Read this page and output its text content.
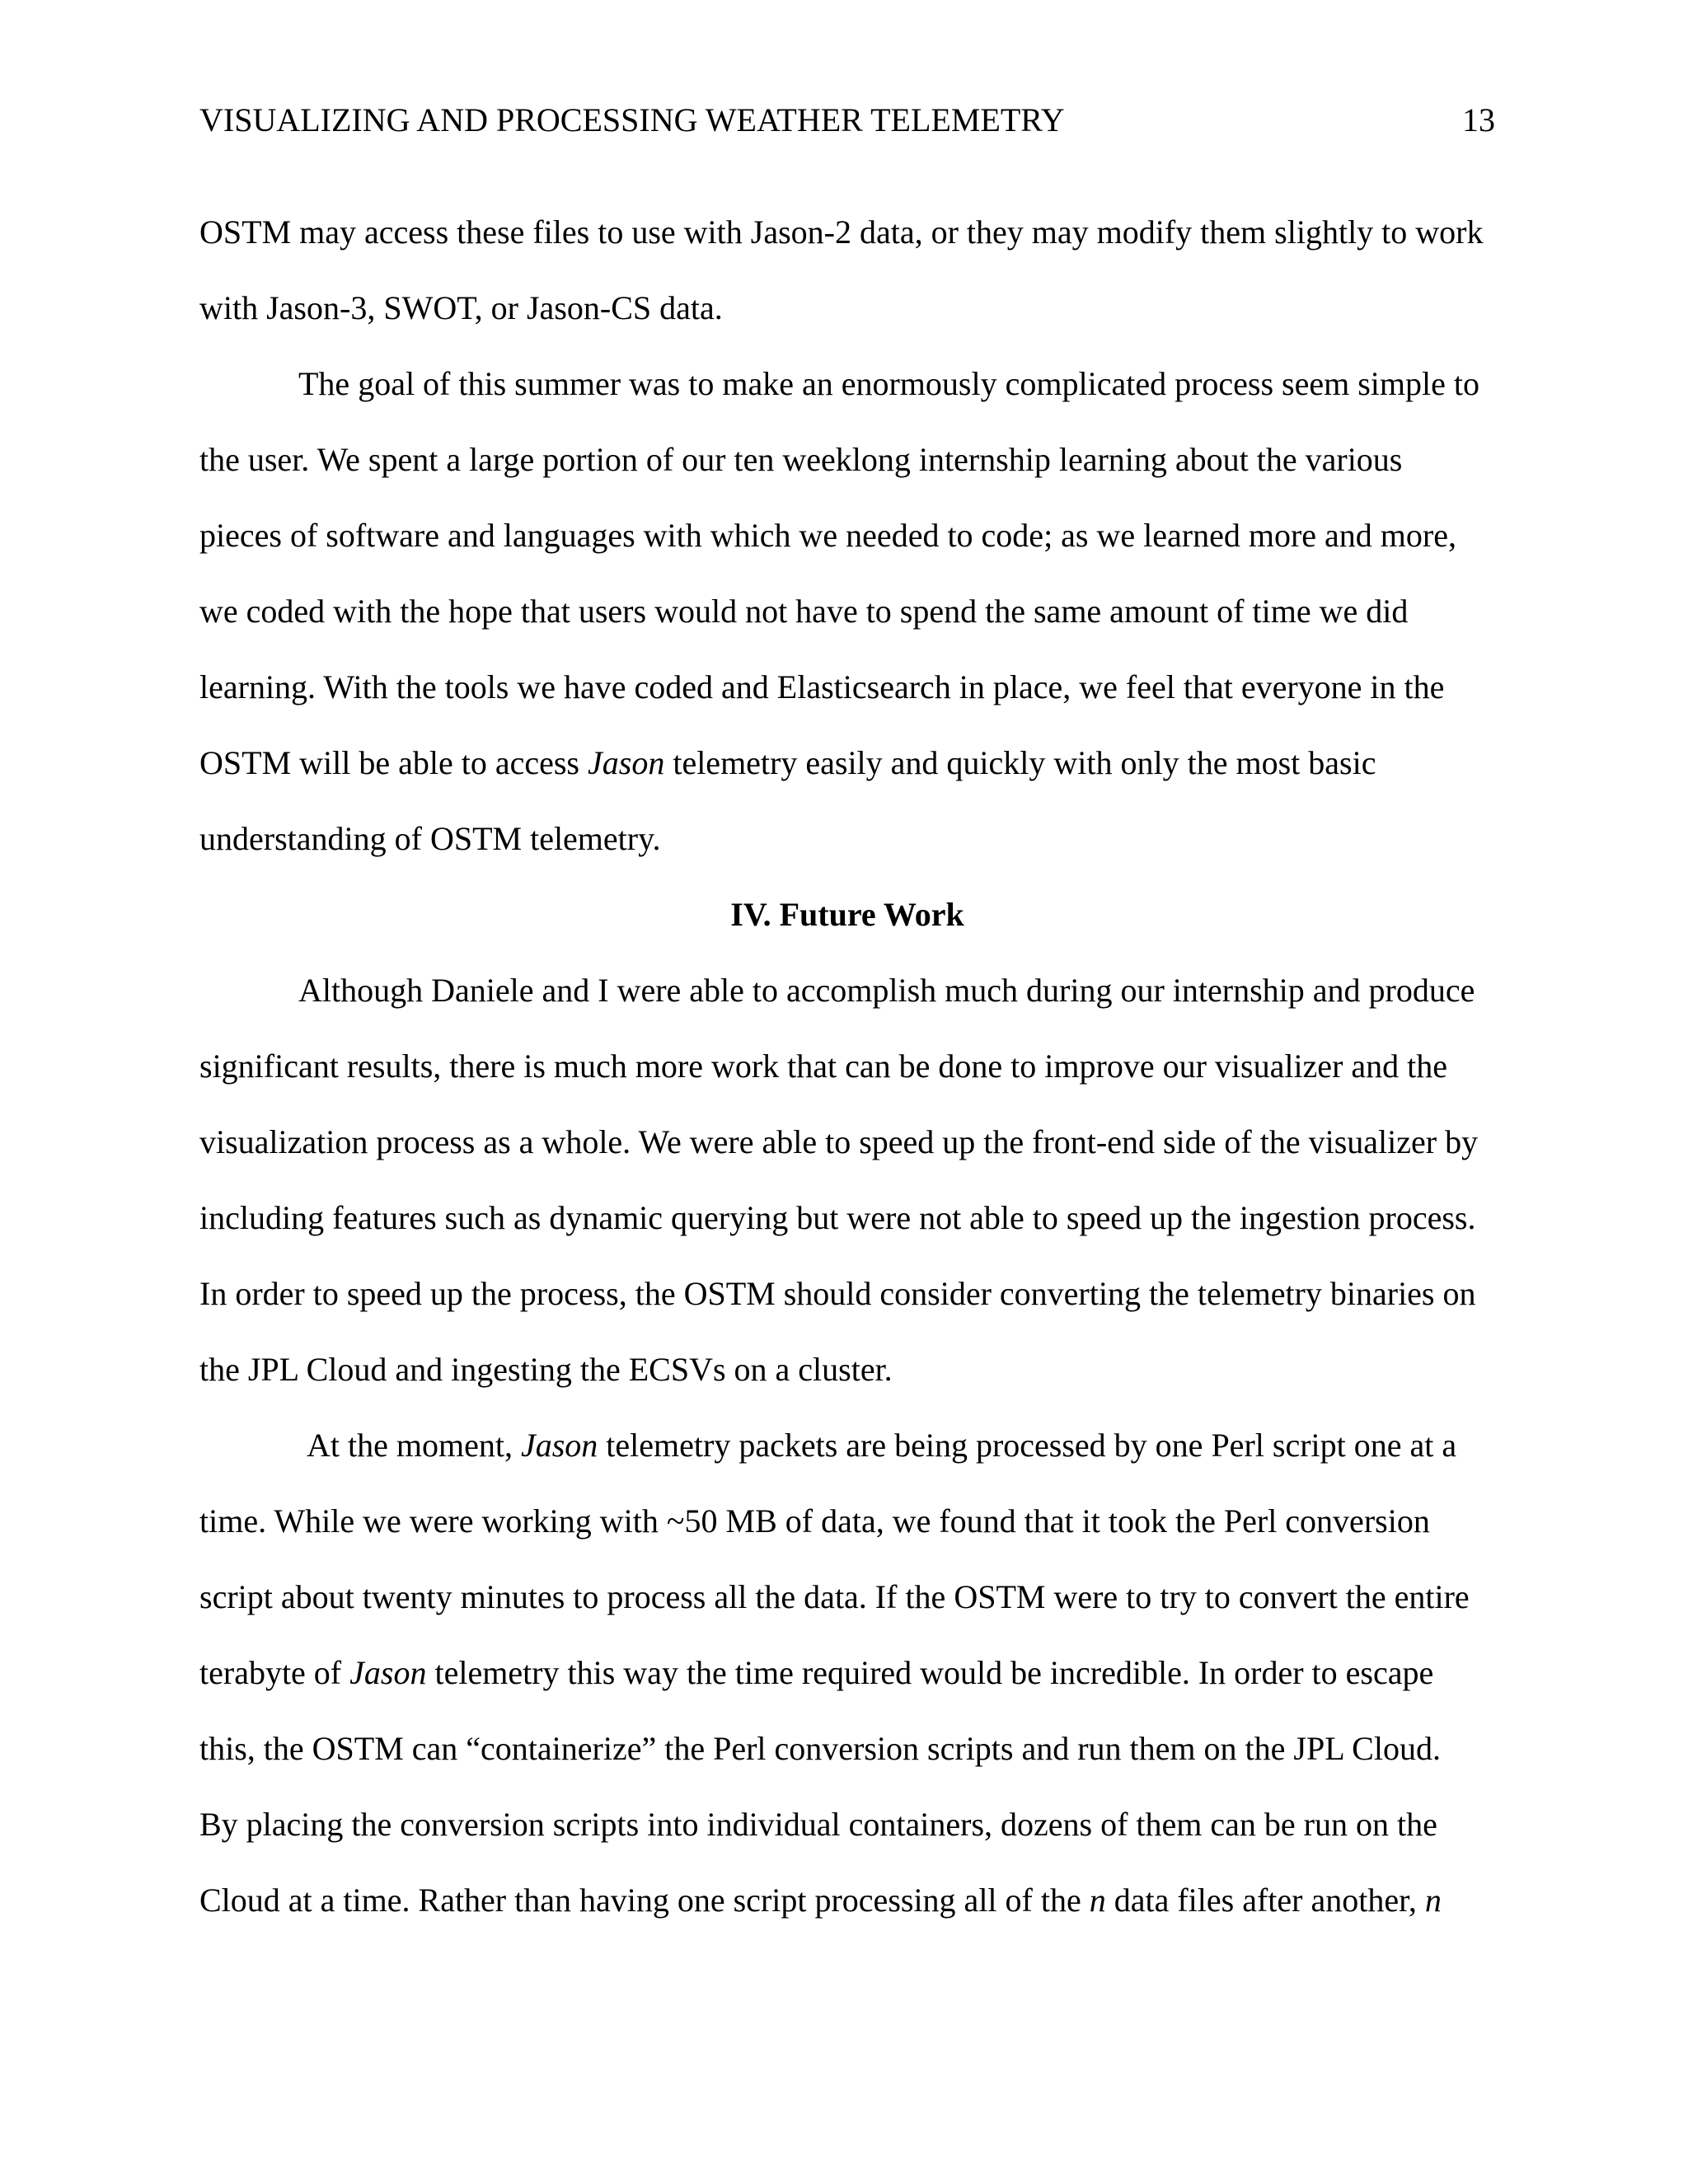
VISUALIZING AND PROCESSING WEATHER TELEMETRY	13
OSTM may access these files to use with Jason-2 data, or they may modify them slightly to work
with Jason-3, SWOT, or Jason-CS data.
The goal of this summer was to make an enormously complicated process seem simple to
the user. We spent a large portion of our ten weeklong internship learning about the various
pieces of software and languages with which we needed to code; as we learned more and more,
we coded with the hope that users would not have to spend the same amount of time we did
learning. With the tools we have coded and Elasticsearch in place, we feel that everyone in the
OSTM will be able to access Jason telemetry easily and quickly with only the most basic
understanding of OSTM telemetry.
IV. Future Work
Although Daniele and I were able to accomplish much during our internship and produce
significant results, there is much more work that can be done to improve our visualizer and the
visualization process as a whole. We were able to speed up the front-end side of the visualizer by
including features such as dynamic querying but were not able to speed up the ingestion process.
In order to speed up the process, the OSTM should consider converting the telemetry binaries on
the JPL Cloud and ingesting the ECSVs on a cluster.
At the moment, Jason telemetry packets are being processed by one Perl script one at a
time. While we were working with ~50 MB of data, we found that it took the Perl conversion
script about twenty minutes to process all the data. If the OSTM were to try to convert the entire
terabyte of Jason telemetry this way the time required would be incredible. In order to escape
this, the OSTM can “containerize” the Perl conversion scripts and run them on the JPL Cloud.
By placing the conversion scripts into individual containers, dozens of them can be run on the
Cloud at a time. Rather than having one script processing all of the n data files after another, n
